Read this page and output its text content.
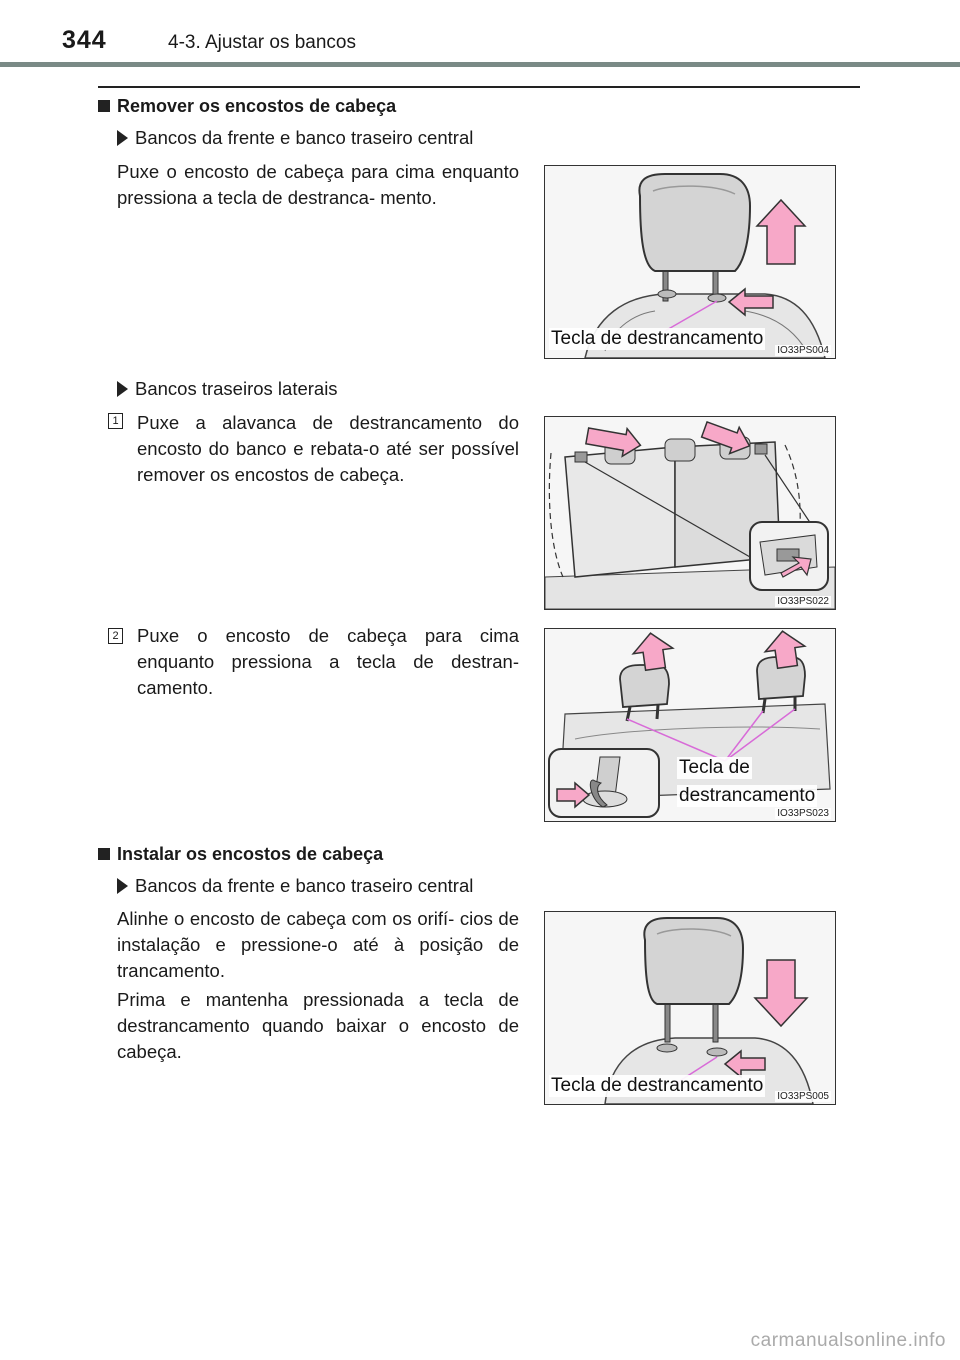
344	4-3. Ajustar os bancos
Remover os encostos de cabeça
Bancos da frente e banco traseiro central
Puxe o encosto de cabeça para cima enquanto pressiona a tecla de destranca- mento.
Tecla de destrancamento
IO33PS004
Bancos traseiros laterais
1 Puxe a alavanca de destrancamento do encosto do banco e rebata-o até ser possível remover os encostos de cabeça.
IO33PS022
2 Puxe o encosto de cabeça para cima enquanto pressiona a tecla de destran- camento.
Tecla de
destrancamento
IO33PS023
Instalar os encostos de cabeça
Bancos da frente e banco traseiro central
Alinhe o encosto de cabeça com os orifí- cios de instalação e pressione-o até à posição de trancamento.
Prima e mantenha pressionada a tecla de destrancamento quando baixar o encosto de cabeça.
Tecla de destrancamento
IO33PS005
carmanualsonline.info
